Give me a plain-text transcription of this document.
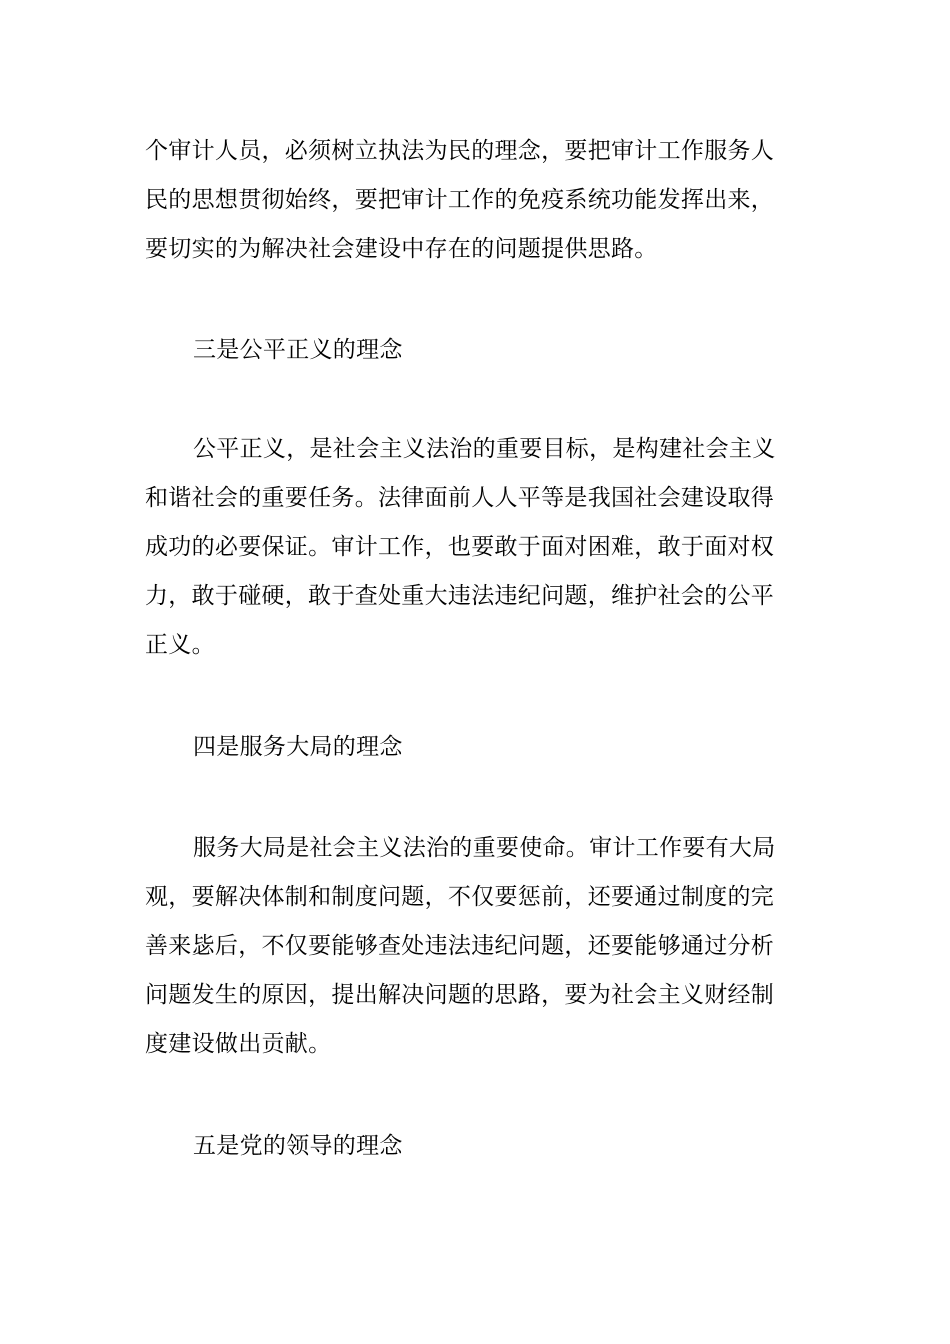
个审计人员，必须树立执法为民的理念，要把审计工作服务人
民的思想贯彻始终，要把审计工作的免疫系统功能发挥出来，
要切实的为解决社会建设中存在的问题提供思路。
三是公平正义的理念
公平正义，是社会主义法治的重要目标，是构建社会主义
和谐社会的重要任务。法律面前人人平等是我国社会建设取得
成功的必要保证。审计工作，也要敢于面对困难，敢于面对权
力，敢于碰硬，敢于查处重大违法违纪问题，维护社会的公平
正义。
四是服务大局的理念
服务大局是社会主义法治的重要使命。审计工作要有大局
观，要解决体制和制度问题，不仅要惩前，还要通过制度的完
善来毖后，不仅要能够查处违法违纪问题，还要能够通过分析
问题发生的原因，提出解决问题的思路，要为社会主义财经制
度建设做出贡献。
五是党的领导的理念
